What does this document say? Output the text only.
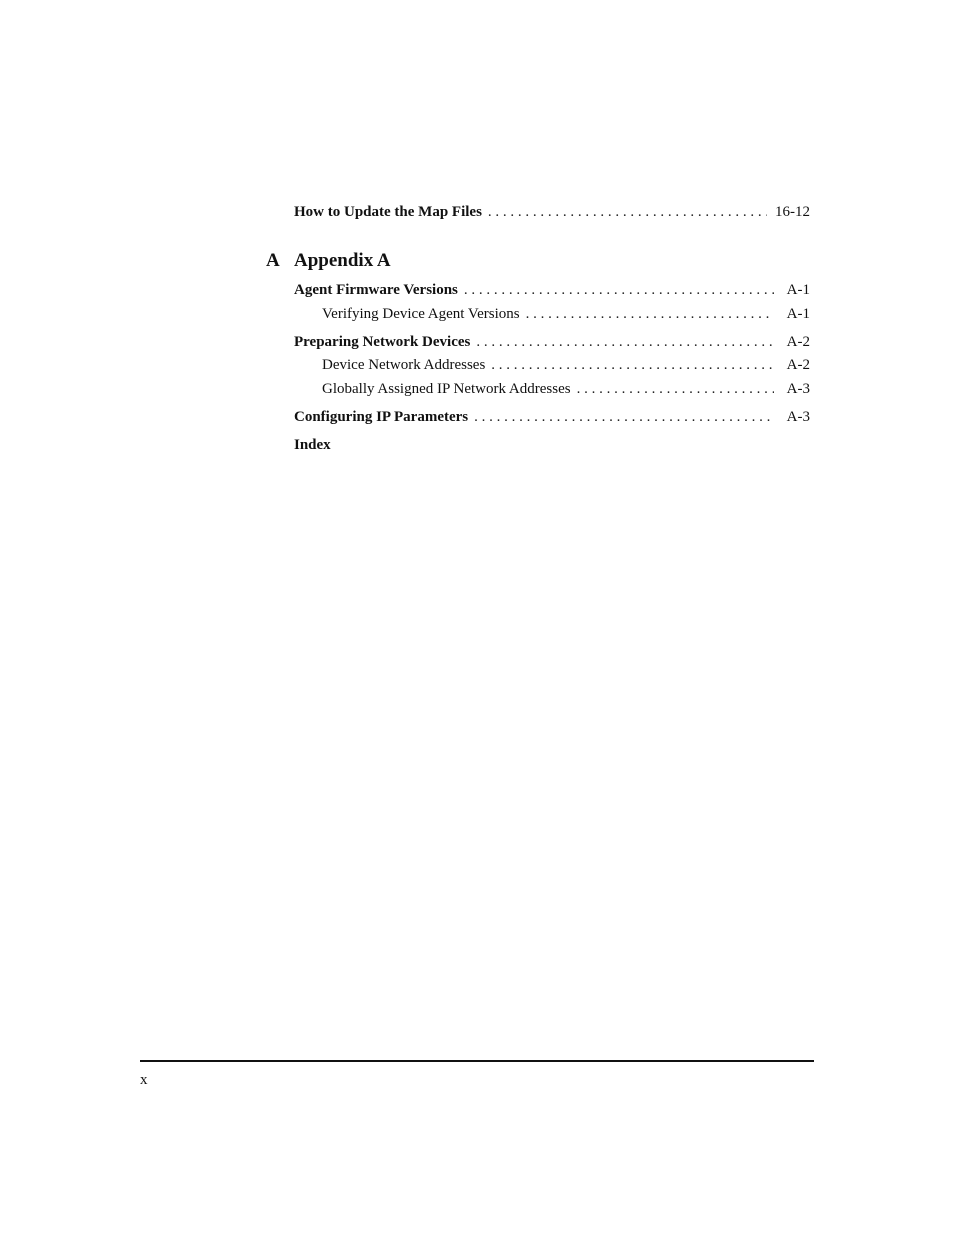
How to Update the Map Files . . .	16-12
A Appendix A
Agent Firmware Versions . . .	A-1
Verifying Device Agent Versions . . .	A-1
Preparing Network Devices . . .	A-2
Device Network Addresses . . .	A-2
Globally Assigned IP Network Addresses . . .	A-3
Configuring IP Parameters . . .	A-3
Index
x
